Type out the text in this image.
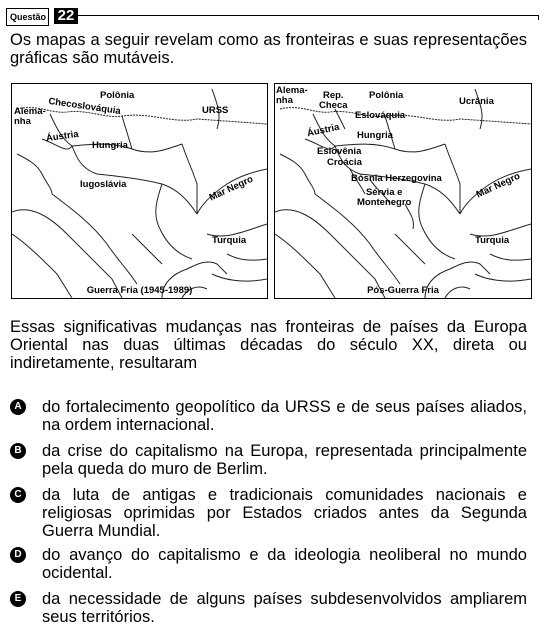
Questão 22
Os mapas a seguir revelam como as fronteiras e suas representações gráficas são mutáveis.
Polônia
Alema-
nha
Checoslováquia	URSS
Áustria
Hungria
Iugoslávia	Mar Negro
Turquia
Guerra Fria (1945-1989)
Alema-
nha	Rep.
Checa
Polônia
Ucrânia
Eslováquia
Áustria Hungria
Eslovênia
Croácia
Bósnia Herzegovina
Sérvia e
Montenegro
Mar Negro
Turquia
Pós-Guerra Fria
Essas significativas mudanças nas fronteiras de países da Europa Oriental nas duas últimas décadas do século XX, direta ou indiretamente, resultaram
A do fortalecimento geopolítico da URSS e de seus países aliados, na ordem internacional.
B da crise do capitalismo na Europa, representada principalmente pela queda do muro de Berlim.
C da luta de antigas e tradicionais comunidades nacionais e religiosas oprimidas por Estados criados antes da Segunda Guerra Mundial.
D do avanço do capitalismo e da ideologia neoliberal no mundo ocidental.
E da necessidade de alguns países subdesenvolvidos ampliarem seus territórios.
